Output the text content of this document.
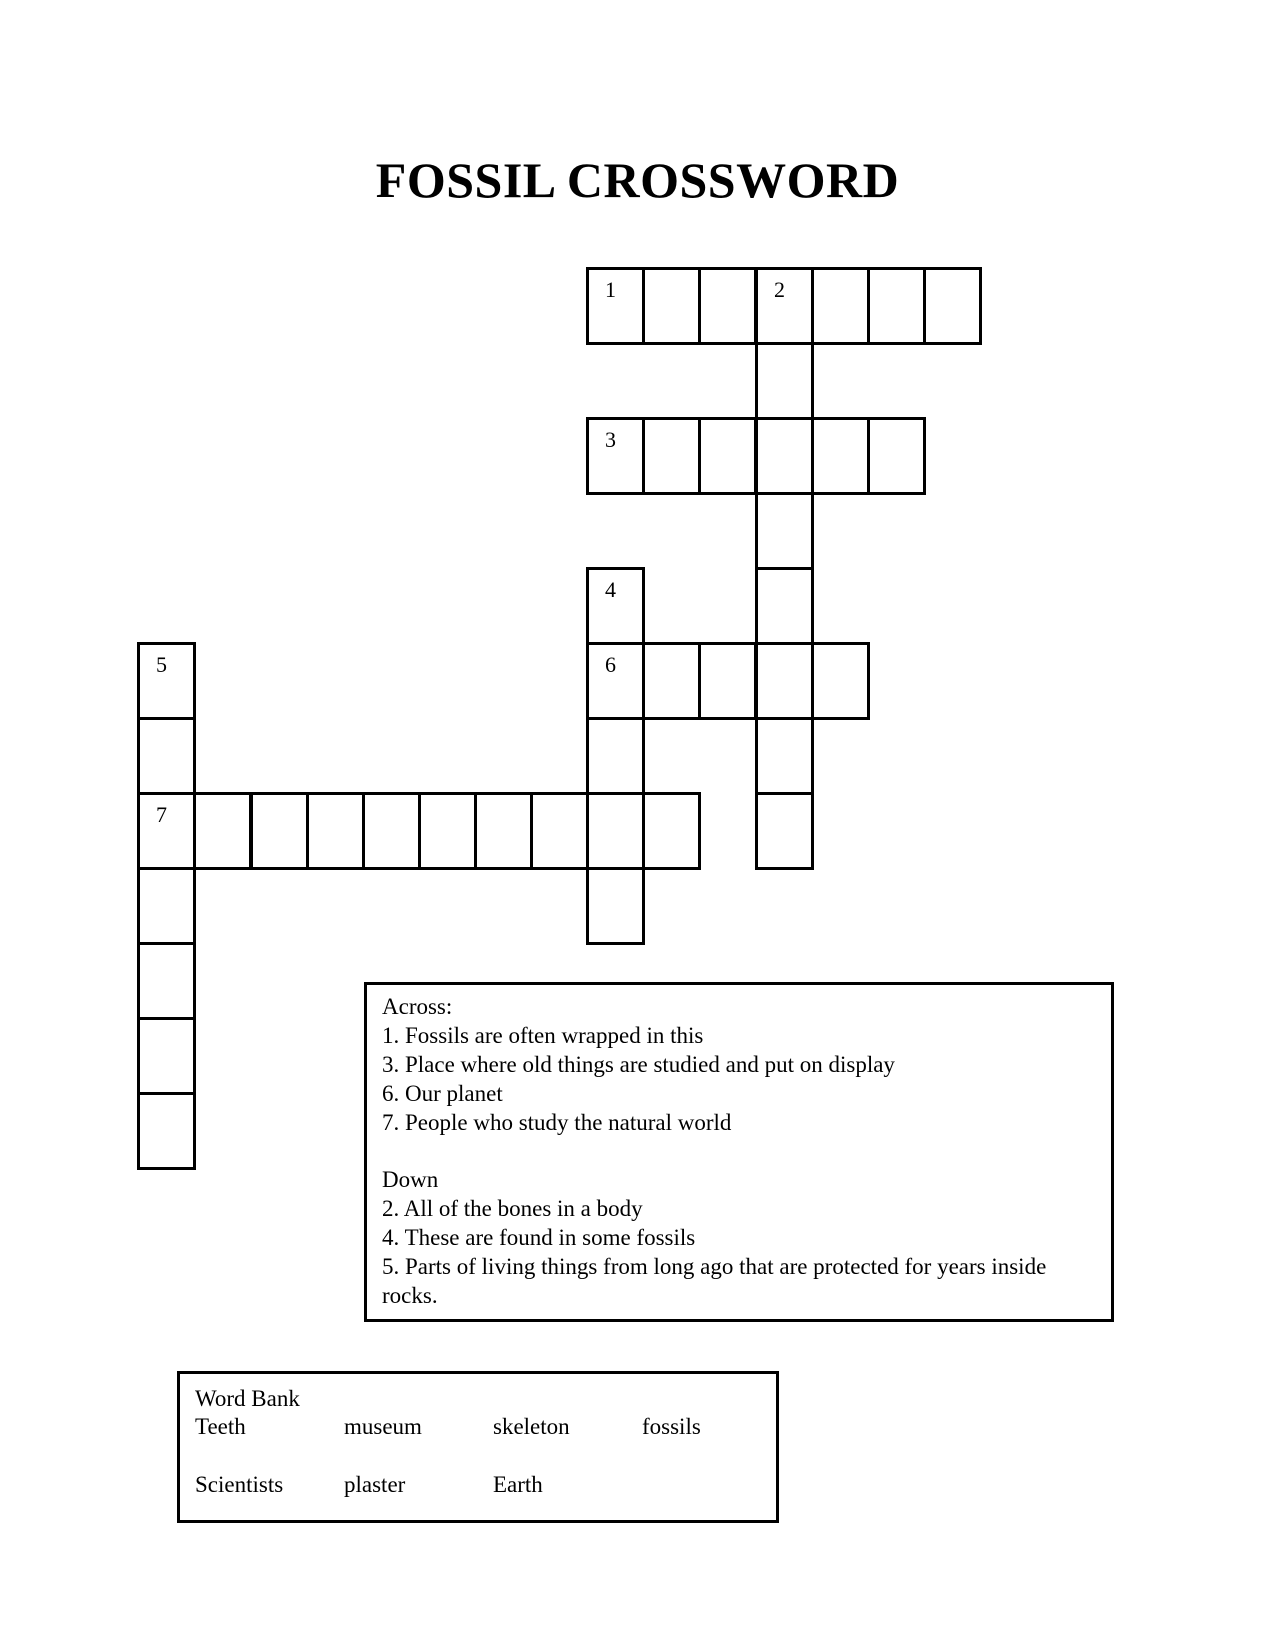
FOSSIL CROSSWORD
1	2
3
4
5	6
7
Across:
1. Fossils are often wrapped in this
3. Place where old things are studied and put on display
6. Our planet
7. People who study the natural world
Down
2. All of the bones in a body
4. These are found in some fossils
5. Parts of living things from long ago that are protected for years inside rocks.
Word Bank
Teeth	museum	skeleton	fossils
Scientists	plaster	Earth
